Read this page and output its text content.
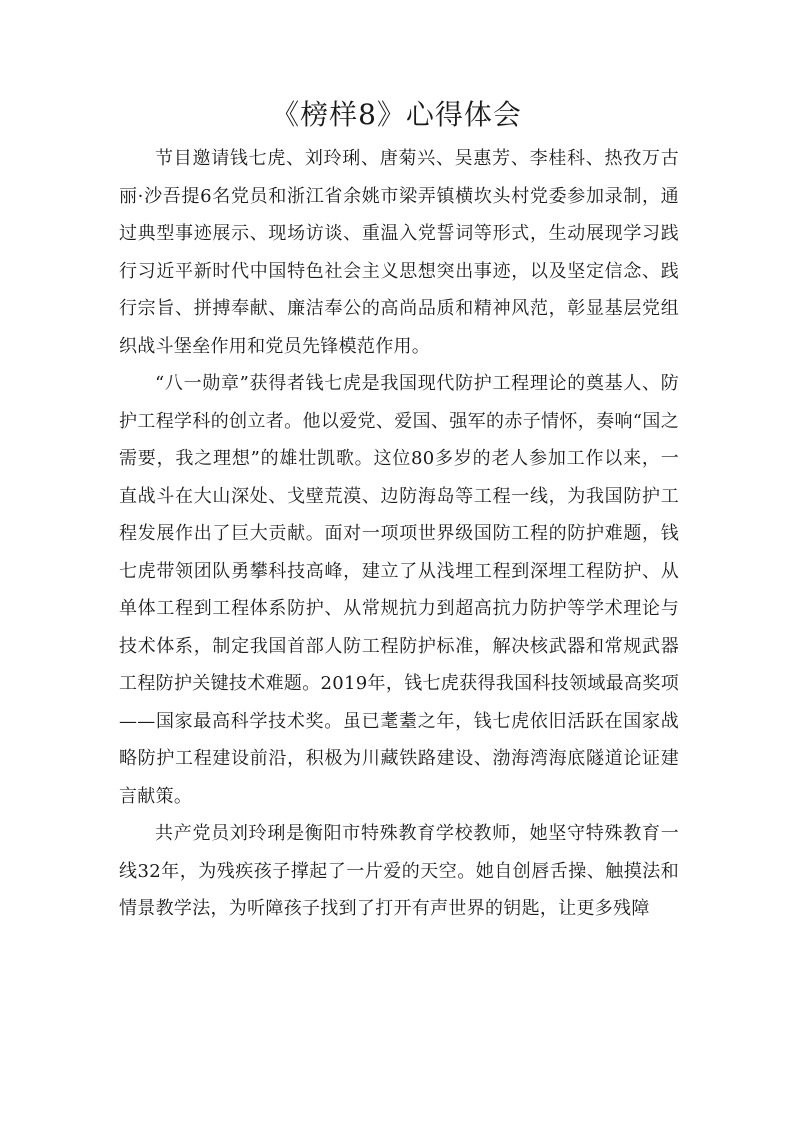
《榜样8》心得体会

节目邀请钱七虎、刘玲琍、唐菊兴、吴惠芳、李桂科、热孜万古丽·沙吾提6名党员和浙江省余姚市梁弄镇横坎头村党委参加录制，通过典型事迹展示、现场访谈、重温入党誓词等形式，生动展现学习践行习近平新时代中国特色社会主义思想突出事迹，以及坚定信念、践行宗旨、拼搏奉献、廉洁奉公的高尚品质和精神风范，彰显基层党组织战斗堡垒作用和党员先锋模范作用。

“八一勋章”获得者钱七虎是我国现代防护工程理论的奠基人、防护工程学科的创立者。他以爱党、爱国、强军的赤子情怀，奏响“国之需要，我之理想”的雄壮凯歌。这位80多岁的老人参加工作以来，一直战斗在大山深处、戈壁荒漠、边防海岛等工程一线，为我国防护工程发展作出了巨大贡献。面对一项项世界级国防工程的防护难题，钱七虎带领团队勇攀科技高峰，建立了从浅埋工程到深埋工程防护、从单体工程到工程体系防护、从常规抗力到超高抗力防护等学术理论与技术体系，制定我国首部人防工程防护标准，解决核武器和常规武器工程防护关键技术难题。2019年，钱七虎获得我国科技领域最高奖项——国家最高科学技术奖。虽已耄耋之年，钱七虎依旧活跃在国家战略防护工程建设前沿，积极为川藏铁路建设、渤海湾海底隧道论证建言献策。

共产党员刘玲琍是衡阳市特殊教育学校教师，她坚守特殊教育一线32年，为残疾孩子撑起了一片爱的天空。她自创唇舌操、触摸法和情景教学法，为听障孩子找到了打开有声世界的钥匙，让更多残障
